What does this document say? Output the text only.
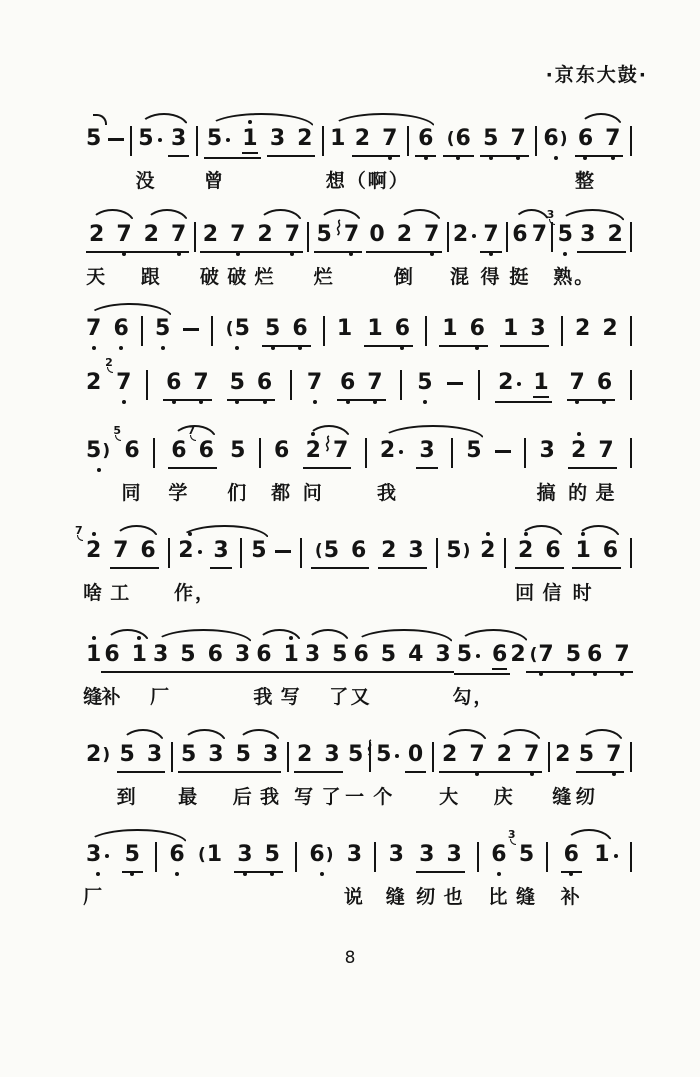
·京东大鼓·
5 5 3 5 1 3 2 1 2 7 6 ( 6 5 7 6 ) 6 7
没	曾	想（啊）	整
2 7 2 7 2 7 2 7 5 7 0 2 7 2 7 6 7
3
5 3 2
天 跟 破 破 烂 烂	倒 混 得 挺 熟。
7 6 5	( 5 5 6 1 1 6 1 6 1 3 2 2
2
2
7 6 7 5 6 7 6 7 5	2 1 7 6
5 )
5
6 6
7
6 5 6 2 7 2 3 5	3 2 7
同 学 们 都 问	我	搞 的 是
7
2 7 6 2 3 5	( 5 6 2 3 5 ) 2 2 6 1 6
啥 工 作，	回 信 时
1 6 1 3 5 6 3 6 1 3 5 6 5 4 3 5 6 2 ( 7 5 6 7
缝
补 厂	我 写 了 又	勾，
2 ) 5 3 5 3 5 3 2 3 5 5 0 2 7 2 7 2 5 7
到 最 后 我 写 了 一 个 大 庆 缝 纫
3 5 6 ( 1 3 5 6 ) 3 3 3 3 6
3
5 6 1
厂	说 缝 纫 也 比 缝 补
8
